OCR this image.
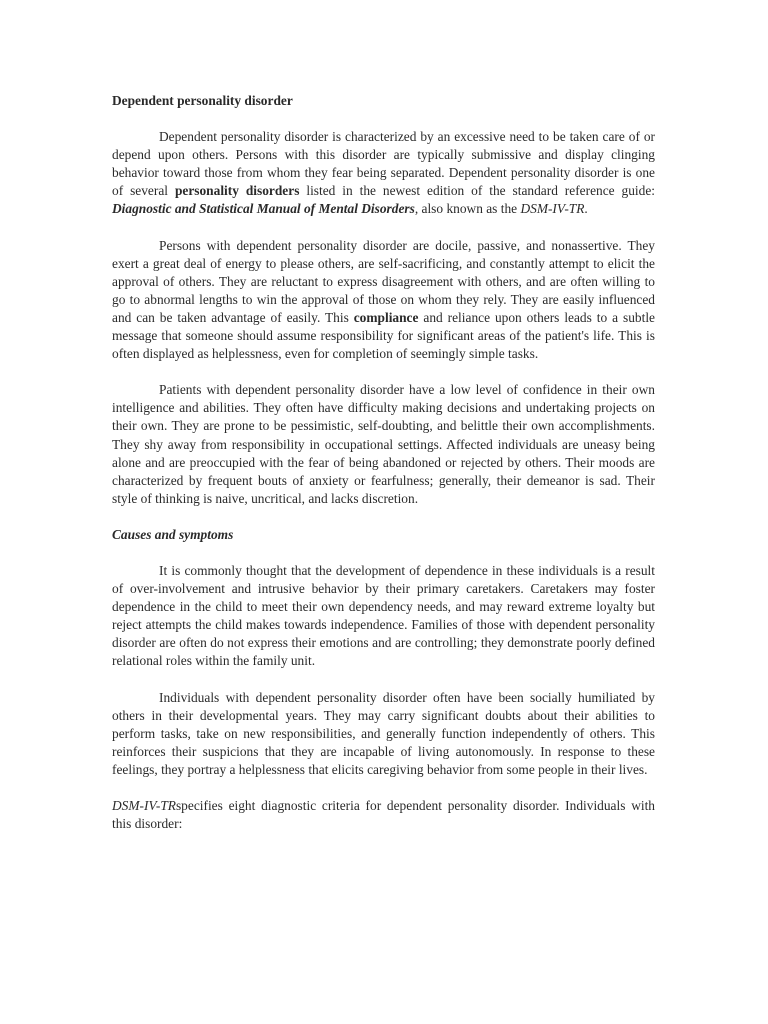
Dependent personality disorder

Dependent personality disorder is characterized by an excessive need to be taken care of or depend upon others. Persons with this disorder are typically submissive and display clinging behavior toward those from whom they fear being separated. Dependent personality disorder is one of several personality disorders listed in the newest edition of the standard reference guide: Diagnostic and Statistical Manual of Mental Disorders, also known as the DSM-IV-TR.

Persons with dependent personality disorder are docile, passive, and nonassertive. They exert a great deal of energy to please others, are self-sacrificing, and constantly attempt to elicit the approval of others. They are reluctant to express disagreement with others, and are often willing to go to abnormal lengths to win the approval of those on whom they rely. They are easily influenced and can be taken advantage of easily. This compliance and reliance upon others leads to a subtle message that someone should assume responsibility for significant areas of the patient's life. This is often displayed as helplessness, even for completion of seemingly simple tasks.

Patients with dependent personality disorder have a low level of confidence in their own intelligence and abilities. They often have difficulty making decisions and undertaking projects on their own. They are prone to be pessimistic, self-doubting, and belittle their own accomplishments. They shy away from responsibility in occupational settings. Affected individuals are uneasy being alone and are preoccupied with the fear of being abandoned or rejected by others. Their moods are characterized by frequent bouts of anxiety or fearfulness; generally, their demeanor is sad. Their style of thinking is naive, uncritical, and lacks discretion.

Causes and symptoms

It is commonly thought that the development of dependence in these individuals is a result of over-involvement and intrusive behavior by their primary caretakers. Caretakers may foster dependence in the child to meet their own dependency needs, and may reward extreme loyalty but reject attempts the child makes towards independence. Families of those with dependent personality disorder are often do not express their emotions and are controlling; they demonstrate poorly defined relational roles within the family unit.

Individuals with dependent personality disorder often have been socially humiliated by others in their developmental years. They may carry significant doubts about their abilities to perform tasks, take on new responsibilities, and generally function independently of others. This reinforces their suspicions that they are incapable of living autonomously. In response to these feelings, they portray a helplessness that elicits caregiving behavior from some people in their lives.

DSM-IV-TRspecifies eight diagnostic criteria for dependent personality disorder. Individuals with this disorder:
